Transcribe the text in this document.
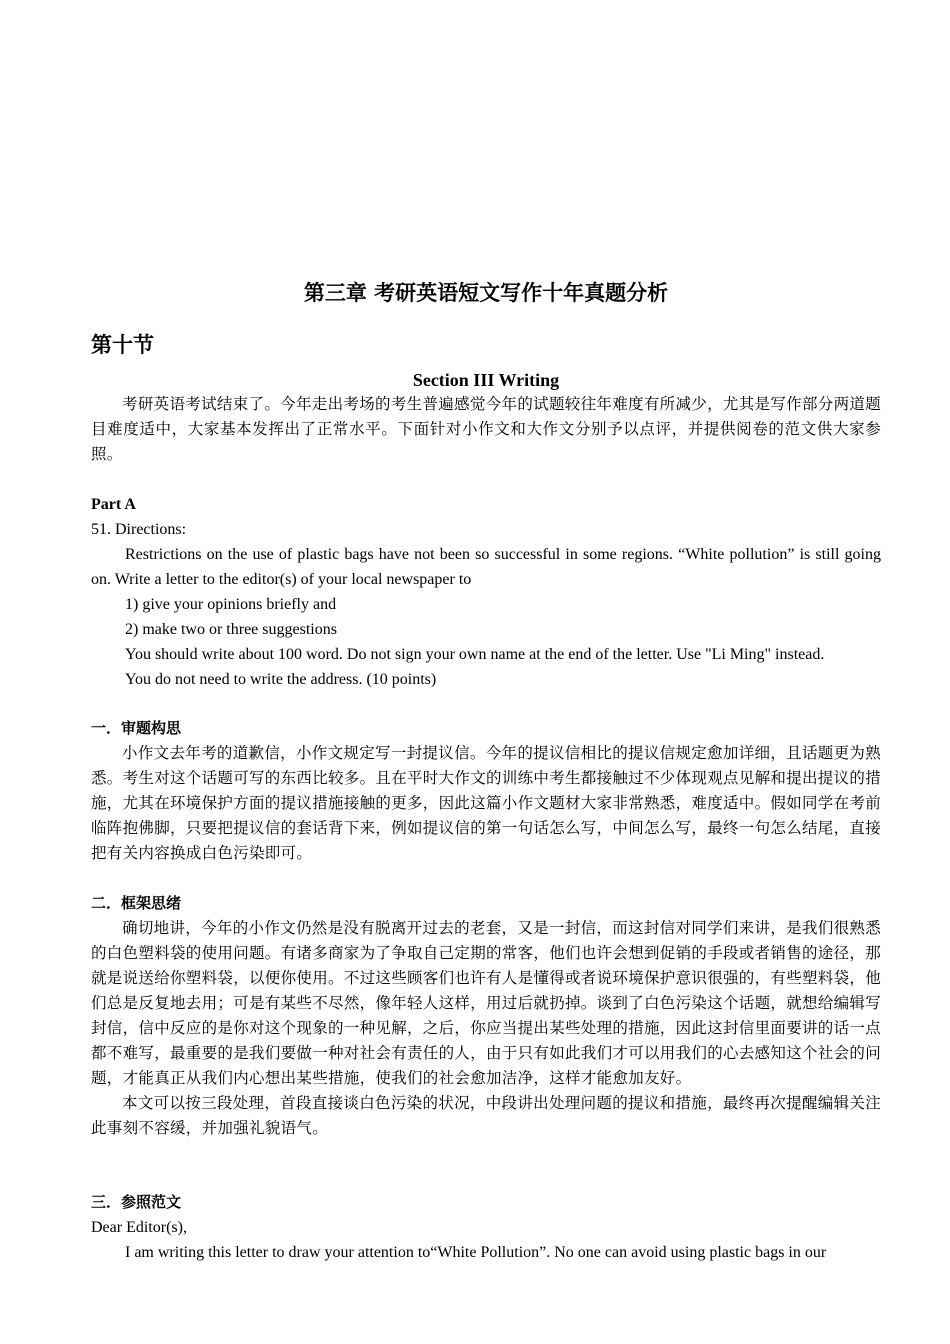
第三章 考研英语短文写作十年真题分析
第十节
Section III Writing

考研英语考试结束了。今年走出考场的考生普遍感觉今年的试题较往年难度有所减少，尤其是写作部分两道题目难度适中，大家基本发挥出了正常水平。下面针对小作文和大作文分别予以点评，并提供阅卷的范文供大家参照。

Part A

51. Directions:

Restrictions on the use of plastic bags have not been so successful in some regions. “White pollution” is still going on. Write a letter to the editor(s) of your local newspaper to

1) give your opinions briefly and

2) make two or three suggestions

You should write about 100 word. Do not sign your own name at the end of the letter. Use "Li Ming" instead.

You do not need to write the address. (10 points)

一．审题构思

小作文去年考的道歉信，小作文规定写一封提议信。今年的提议信相比的提议信规定愈加详细，且话题更为熟悉。考生对这个话题可写的东西比较多。且在平时大作文的训练中考生都接触过不少体现观点见解和提出提议的措施，尤其在环境保护方面的提议措施接触的更多，因此这篇小作文题材大家非常熟悉，难度适中。假如同学在考前临阵抱佛脚，只要把提议信的套话背下来，例如提议信的第一句话怎么写，中间怎么写，最终一句怎么结尾，直接把有关内容换成白色污染即可。

二．框架思绪

确切地讲，今年的小作文仍然是没有脱离开过去的老套，又是一封信，而这封信对同学们来讲，是我们很熟悉的白色塑料袋的使用问题。有诸多商家为了争取自己定期的常客，他们也许会想到促销的手段或者销售的途径，那就是说送给你塑料袋，以便你使用。不过这些顾客们也许有人是懂得或者说环境保护意识很强的，有些塑料袋，他们总是反复地去用；可是有某些不尽然，像年轻人这样，用过后就扔掉。谈到了白色污染这个话题，就想给编辑写封信，信中反应的是你对这个现象的一种见解，之后，你应当提出某些处理的措施，因此这封信里面要讲的话一点都不难写，最重要的是我们要做一种对社会有责任的人，由于只有如此我们才可以用我们的心去感知这个社会的问题，才能真正从我们内心想出某些措施，使我们的社会愈加洁净，这样才能愈加友好。

本文可以按三段处理，首段直接谈白色污染的状况，中段讲出处理问题的提议和措施，最终再次提醒编辑关注此事刻不容缓，并加强礼貌语气。

三．参照范文

Dear Editor(s),

I am writing this letter to draw your attention to“White Pollution”. No one can avoid using plastic bags in our
